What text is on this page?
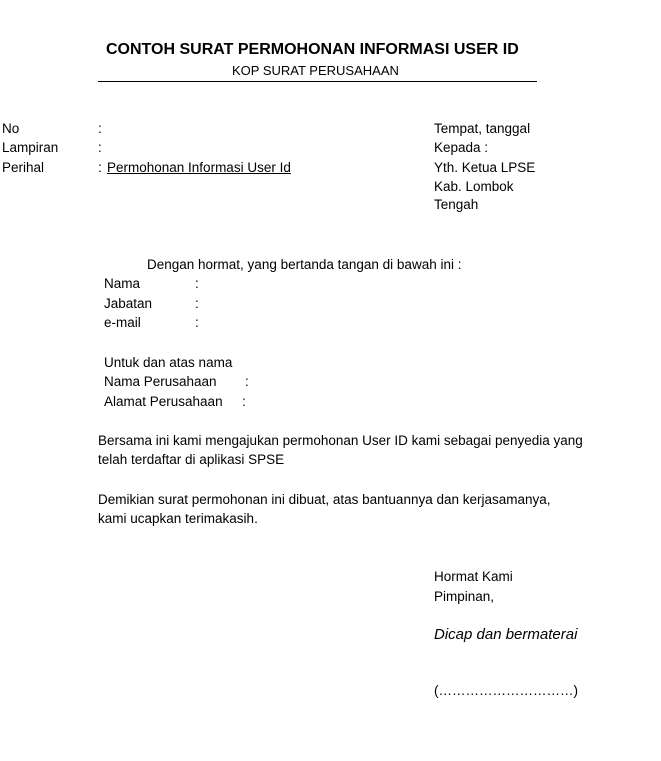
CONTOH SURAT PERMOHONAN INFORMASI USER ID
KOP SURAT PERUSAHAAN
No	:
Lampiran	:
Perihal	: Permohonan Informasi User Id
Tempat, tanggal
Kepada :
Yth. Ketua LPSE
Kab. Lombok
Tengah
Dengan hormat, yang bertanda tangan di bawah ini :
Nama	:
Jabatan	:
e-mail	:
Untuk dan atas nama
Nama Perusahaan :
Alamat Perusahaan :
Bersama ini kami mengajukan permohonan User ID kami sebagai penyedia yang
telah terdaftar di aplikasi SPSE
Demikian surat permohonan ini dibuat, atas bantuannya dan kerjasamanya,
kami ucapkan terimakasih.
Hormat Kami
Pimpinan,
Dicap dan bermaterai
(…………………………)
